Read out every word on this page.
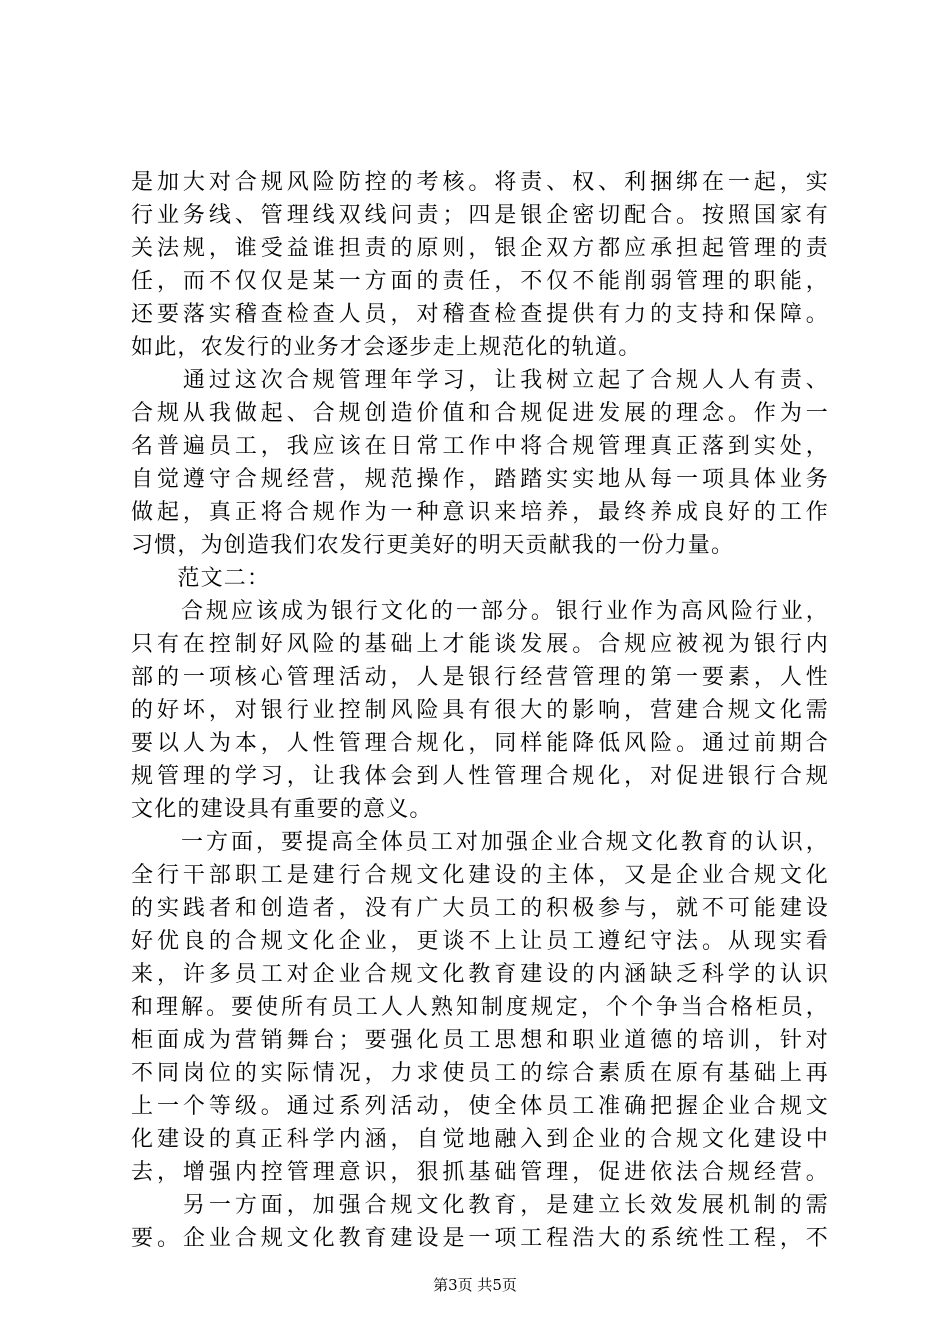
是加大对合规风险防控的考核。将责、权、利捆绑在一起，实
行业务线、管理线双线问责；四是银企密切配合。按照国家有
关法规，谁受益谁担责的原则，银企双方都应承担起管理的责
任，而不仅仅是某一方面的责任，不仅不能削弱管理的职能，
还要落实稽查检查人员，对稽查检查提供有力的支持和保障。
如此，农发行的业务才会逐步走上规范化的轨道。
　　通过这次合规管理年学习，让我树立起了合规人人有责、
合规从我做起、合规创造价值和合规促进发展的理念。作为一
名普遍员工，我应该在日常工作中将合规管理真正落到实处，
自觉遵守合规经营，规范操作，踏踏实实地从每一项具体业务
做起，真正将合规作为一种意识来培养，最终养成良好的工作
习惯，为创造我们农发行更美好的明天贡献我的一份力量。
　　范文二：
　　合规应该成为银行文化的一部分。银行业作为高风险行业，
只有在控制好风险的基础上才能谈发展。合规应被视为银行内
部的一项核心管理活动，人是银行经营管理的第一要素，人性
的好坏，对银行业控制风险具有很大的影响，营建合规文化需
要以人为本，人性管理合规化，同样能降低风险。通过前期合
规管理的学习，让我体会到人性管理合规化，对促进银行合规
文化的建设具有重要的意义。
　　一方面，要提高全体员工对加强企业合规文化教育的认识，
全行干部职工是建行合规文化建设的主体，又是企业合规文化
的实践者和创造者，没有广大员工的积极参与，就不可能建设
好优良的合规文化企业，更谈不上让员工遵纪守法。从现实看
来，许多员工对企业合规文化教育建设的内涵缺乏科学的认识
和理解。要使所有员工人人熟知制度规定，个个争当合格柜员，
柜面成为营销舞台；要强化员工思想和职业道德的培训，针对
不同岗位的实际情况，力求使员工的综合素质在原有基础上再
上一个等级。通过系列活动，使全体员工准确把握企业合规文
化建设的真正科学内涵，自觉地融入到企业的合规文化建设中
去，增强内控管理意识，狠抓基础管理，促进依法合规经营。
　　另一方面，加强合规文化教育，是建立长效发展机制的需
要。企业合规文化教育建设是一项工程浩大的系统性工程，不
第3页 共5页
